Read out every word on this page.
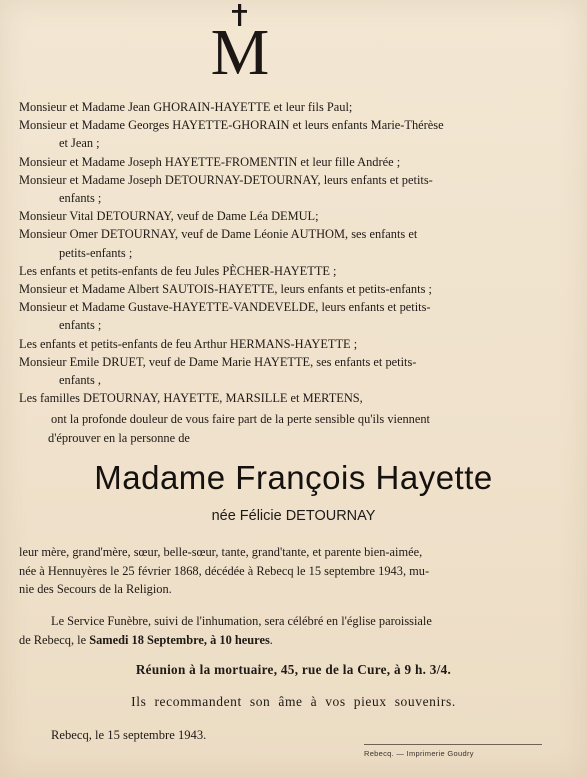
M
Monsieur et Madame Jean GHORAIN-HAYETTE et leur fils Paul;
Monsieur et Madame Georges HAYETTE-GHORAIN et leurs enfants Marie-Thérèse
et Jean ;
Monsieur et Madame Joseph HAYETTE-FROMENTIN et leur fille Andrée ;
Monsieur et Madame Joseph DETOURNAY-DETOURNAY, leurs enfants et petits-
enfants ;
Monsieur Vital DETOURNAY, veuf de Dame Léa DEMUL;
Monsieur Omer DETOURNAY, veuf de Dame Léonie AUTHOM, ses enfants et
petits-enfants ;
Les enfants et petits-enfants de feu Jules PÈCHER-HAYETTE ;
Monsieur et Madame Albert SAUTOIS-HAYETTE, leurs enfants et petits-enfants ;
Monsieur et Madame Gustave-HAYETTE-VANDEVELDE, leurs enfants et petits-
enfants ;
Les enfants et petits-enfants de feu Arthur HERMANS-HAYETTE ;
Monsieur Emile DRUET, veuf de Dame Marie HAYETTE, ses enfants et petits-
enfants ,
Les familles DETOURNAY, HAYETTE, MARSILLE et MERTENS,
ont la profonde douleur de vous faire part de la perte sensible qu'ils viennent
d'éprouver en la personne de
Madame François Hayette
née Félicie DETOURNAY
leur mère, grand'mère, sœur, belle-sœur, tante, grand'tante, et parente bien-aimée,
née à Hennuyères le 25 février 1868, décédée à Rebecq le 15 septembre 1943, mu-
nie des Secours de la Religion.
Le Service Funèbre, suivi de l'inhumation, sera célébré en l'église paroissiale
de Rebecq, le Samedi 18 Septembre, à 10 heures.
Réunion à la mortuaire, 45, rue de la Cure, à 9 h. 3/4.
Ils recommandent son âme à vos pieux souvenirs.
Rebecq, le 15 septembre 1943.
Rebecq. — Imprimerie Goudry
